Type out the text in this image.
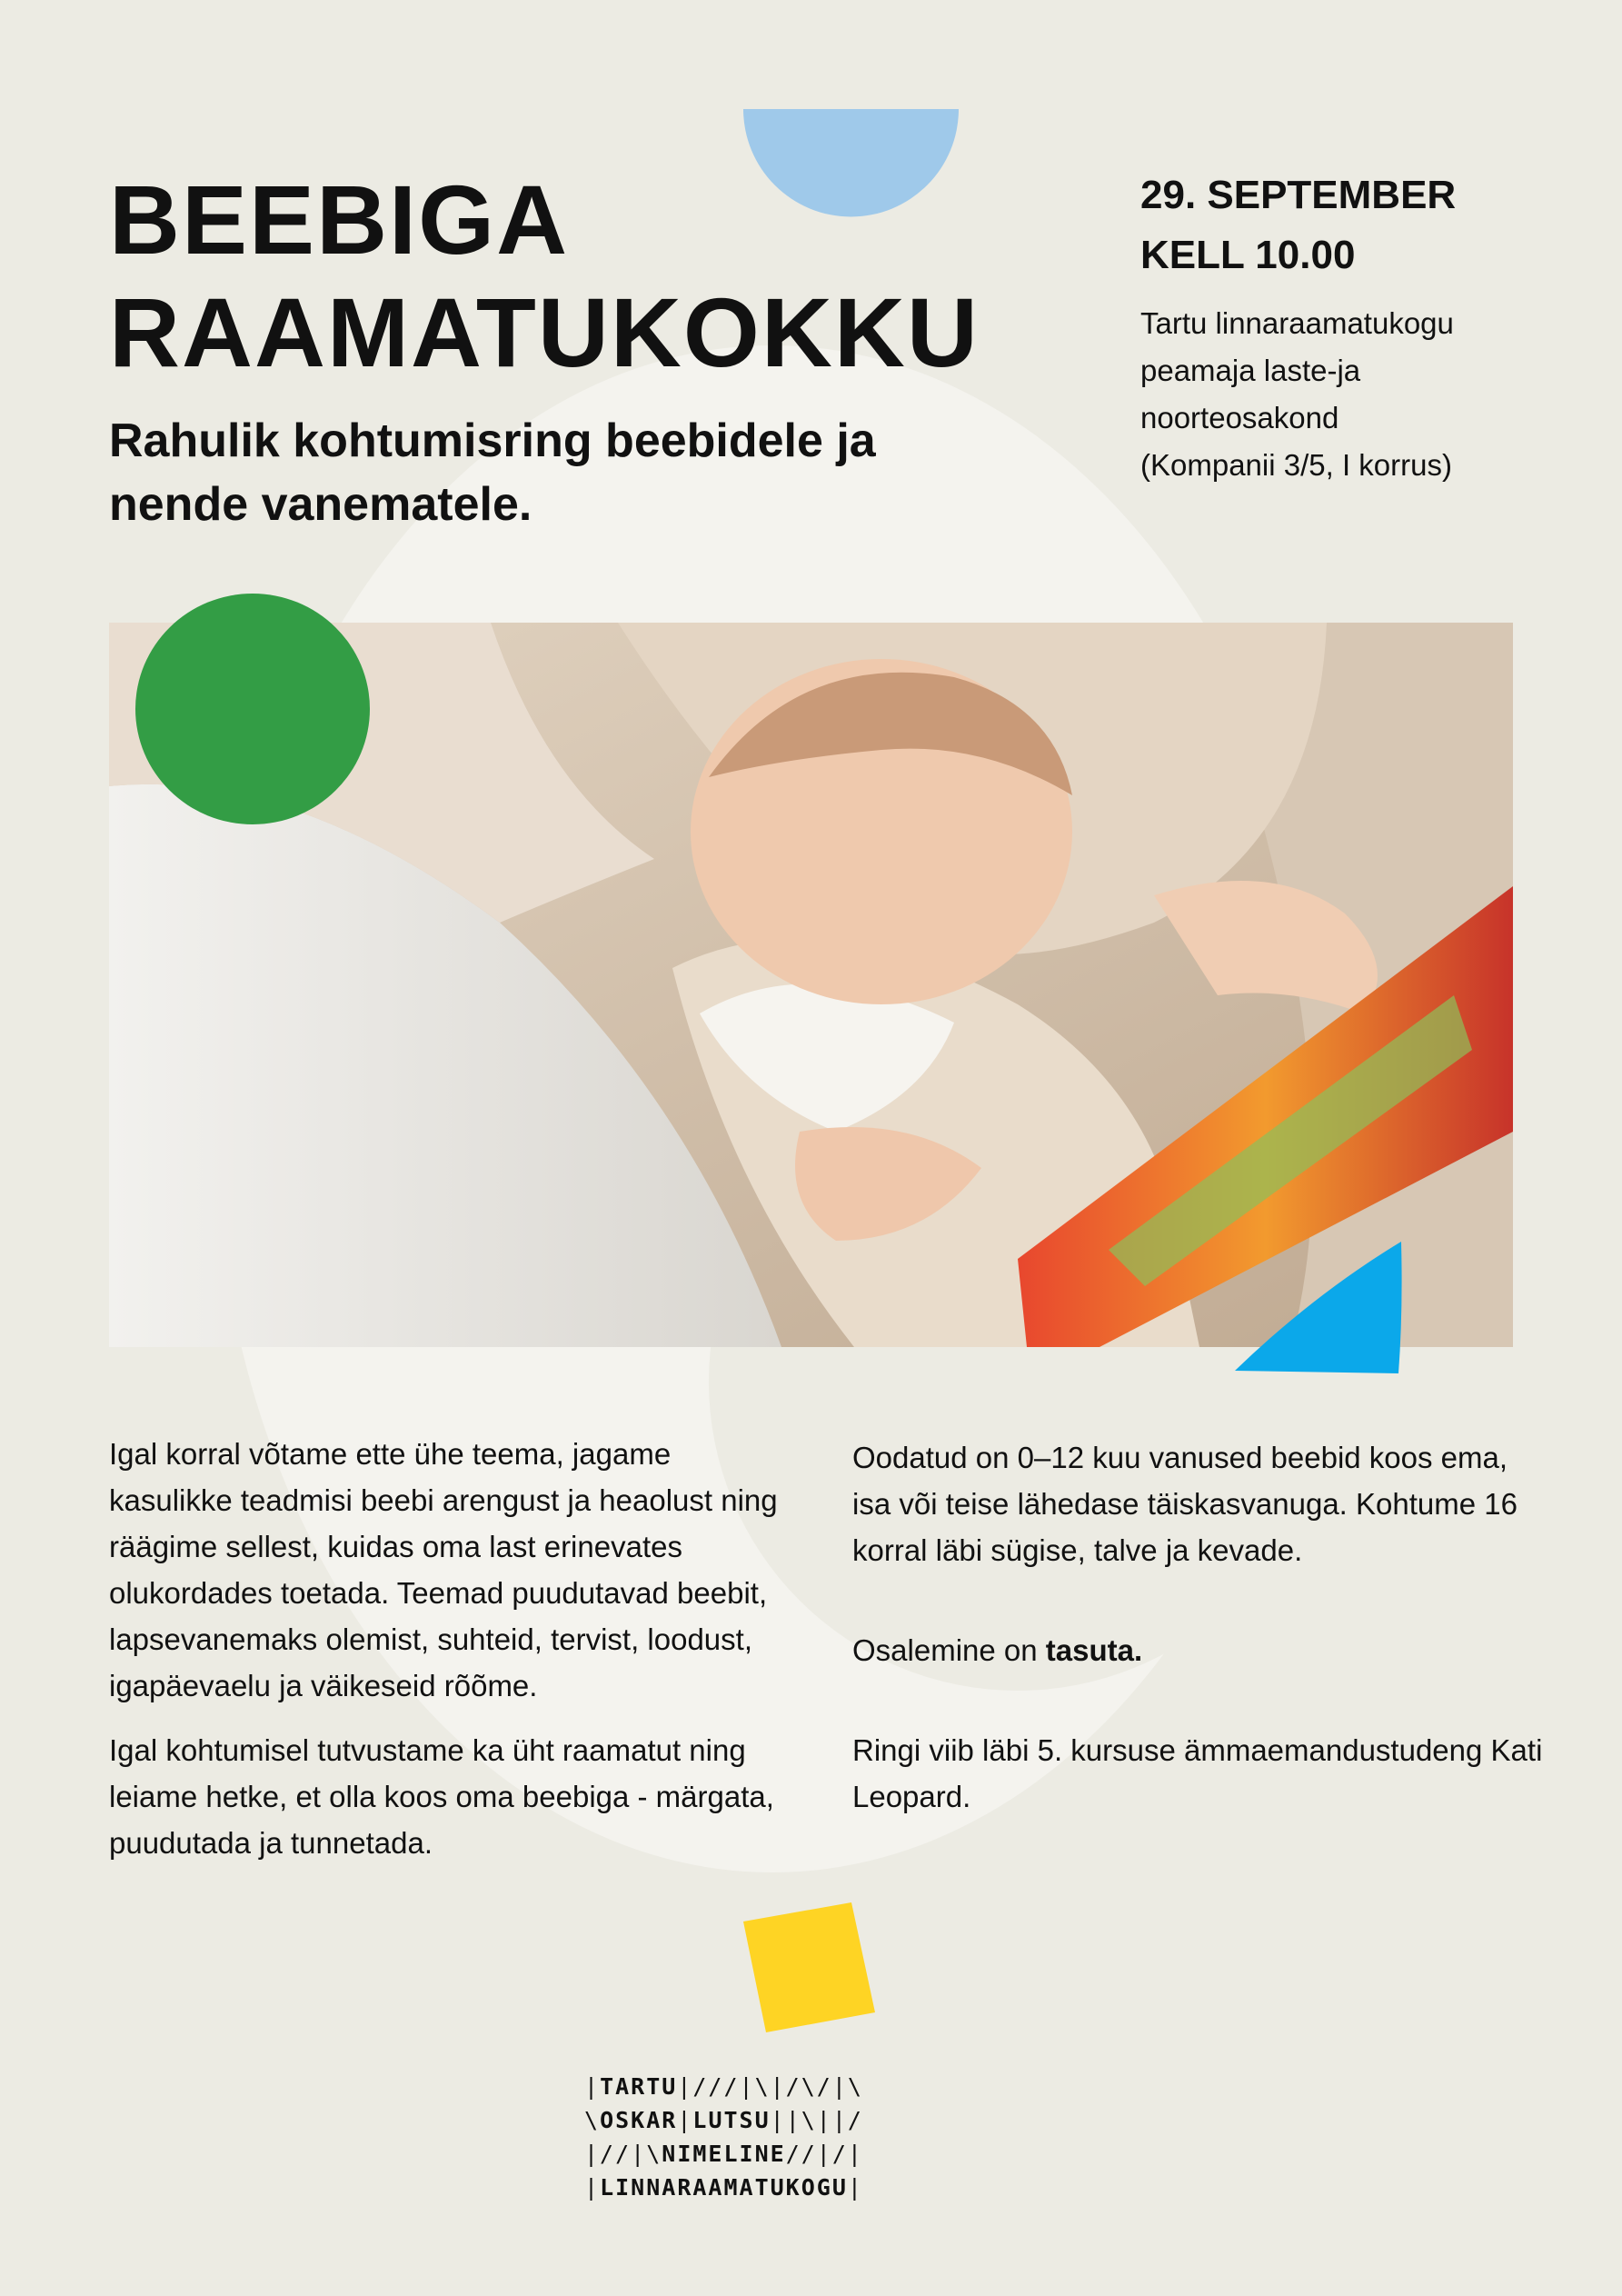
BEEBIGA
RAAMATUKOKKU
Rahulik kohtumisring beebidele ja nende vanematele.
29. SEPTEMBER
KELL 10.00
Tartu linnaraamatukogu
peamaja laste-ja
noorteosakond
(Kompanii 3/5, I korrus)

Igal korral võtame ette ühe teema, jagame kasulikke teadmisi beebi arengust ja heaolust ning räägime sellest, kuidas oma last erinevates olukordades toetada. Teemad puudutavad beebit, lapsevanemaks olemist, suhteid, tervist, loodust, igapäevaelu ja väikeseid rõõme.

Igal kohtumisel tutvustame ka üht raamatut ning leiame hetke, et olla koos oma beebiga - märgata, puudutada ja tunnetada.

Oodatud on 0–12 kuu vanused beebid koos ema, isa või teise lähedase täiskasvanuga. Kohtume 16 korral läbi sügise, talve ja kevade.

Osalemine on tasuta.

Ringi viib läbi 5. kursuse ämmaemandustudeng Kati Leopard.

|TARTU|///|\|/\/|\
\OSKAR|LUTSU||\||/
|//|\NIMELINE//|/|
|LINNARAAMATUKOGU|
